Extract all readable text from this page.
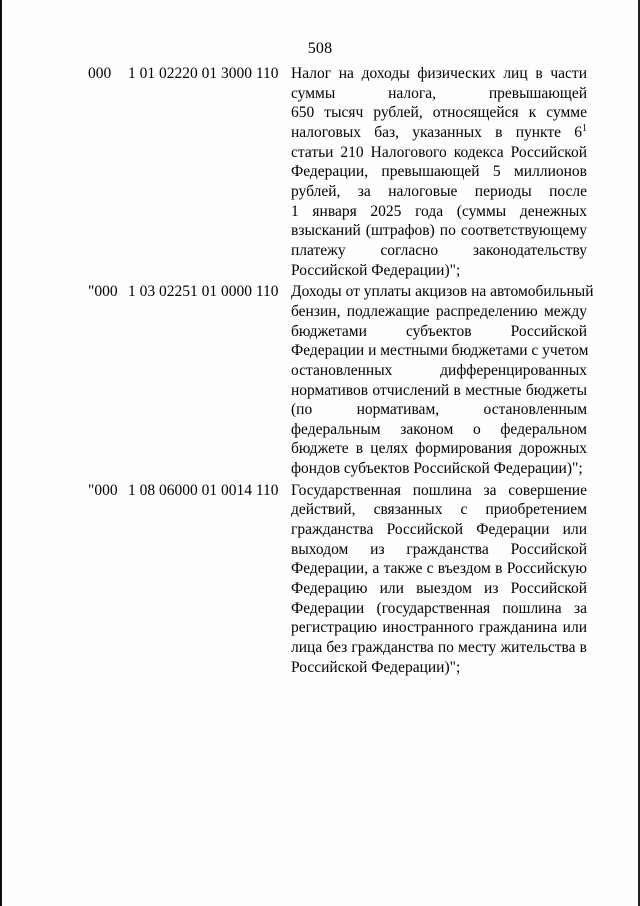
508
000	1 01 02220 01 3000 110 Налог на доходы физических лиц в части
суммы налога, превышающей
650 тысяч рублей, относящейся к сумме
налоговых баз, указанных в пункте $6^1$
статьи 210 Налогового кодекса Российской
Федерации, превышающей 5 миллионов
рублей, за налоговые периоды после
1 января 2025 года (суммы денежных
взысканий (штрафов) по соответствующему
платежу согласно законодательству
Российской Федерации)";
"000 1 03 02251 01 0000 110 Доходы от уплаты акцизов на автомобильный
бензин, подлежащие распределению между
бюджетами субъектов Российской
Федерации и местными бюджетами с учетом
остановленных дифференцированных
нормативов отчислений в местные бюджеты
(по нормативам, остановленным
федеральным законом о федеральном
бюджете в целях формирования дорожных
фондов субъектов Российской Федерации)";
"000 1 08 06000 01 0014 110 Государственная пошлина за совершение
действий, связанных с приобретением
гражданства Российской Федерации или
выходом из гражданства Российской
Федерации, а также с въездом в Российскую
Федерацию или выездом из Российской
Федерации (государственная пошлина за
регистрацию иностранного гражданина или
лица без гражданства по месту жительства в
Российской Федерации)";
